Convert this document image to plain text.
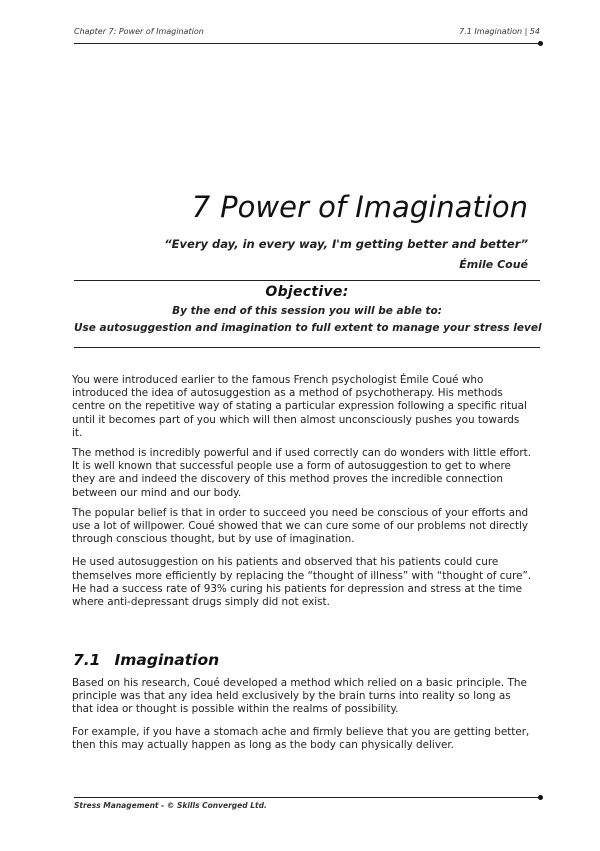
Chapter 7: Power of Imagination	7.1 Imagination | 54
7 Power of Imagination
“Every day, in every way, I'm getting better and better”
Émile Coué
Objective:
By the end of this session you will be able to:
Use autosuggestion and imagination to full extent to manage your stress level

You were introduced earlier to the famous French psychologist Émile Coué who introduced the idea of autosuggestion as a method of psychotherapy. His methods centre on the repetitive way of stating a particular expression following a specific ritual until it becomes part of you which will then almost unconsciously pushes you towards it.

The method is incredibly powerful and if used correctly can do wonders with little effort. It is well known that successful people use a form of autosuggestion to get to where they are and indeed the discovery of this method proves the incredible connection between our mind and our body.

The popular belief is that in order to succeed you need be conscious of your efforts and use a lot of willpower. Coué showed that we can cure some of our problems not directly through conscious thought, but by use of imagination.

He used autosuggestion on his patients and observed that his patients could cure themselves more efficiently by replacing the “thought of illness” with “thought of cure”. He had a success rate of 93% curing his patients for depression and stress at the time where anti-depressant drugs simply did not exist.

7.1 Imagination

Based on his research, Coué developed a method which relied on a basic principle. The principle was that any idea held exclusively by the brain turns into reality so long as that idea or thought is possible within the realms of possibility.

For example, if you have a stomach ache and firmly believe that you are getting better, then this may actually happen as long as the body can physically deliver.

Stress Management - © Skills Converged Ltd.
